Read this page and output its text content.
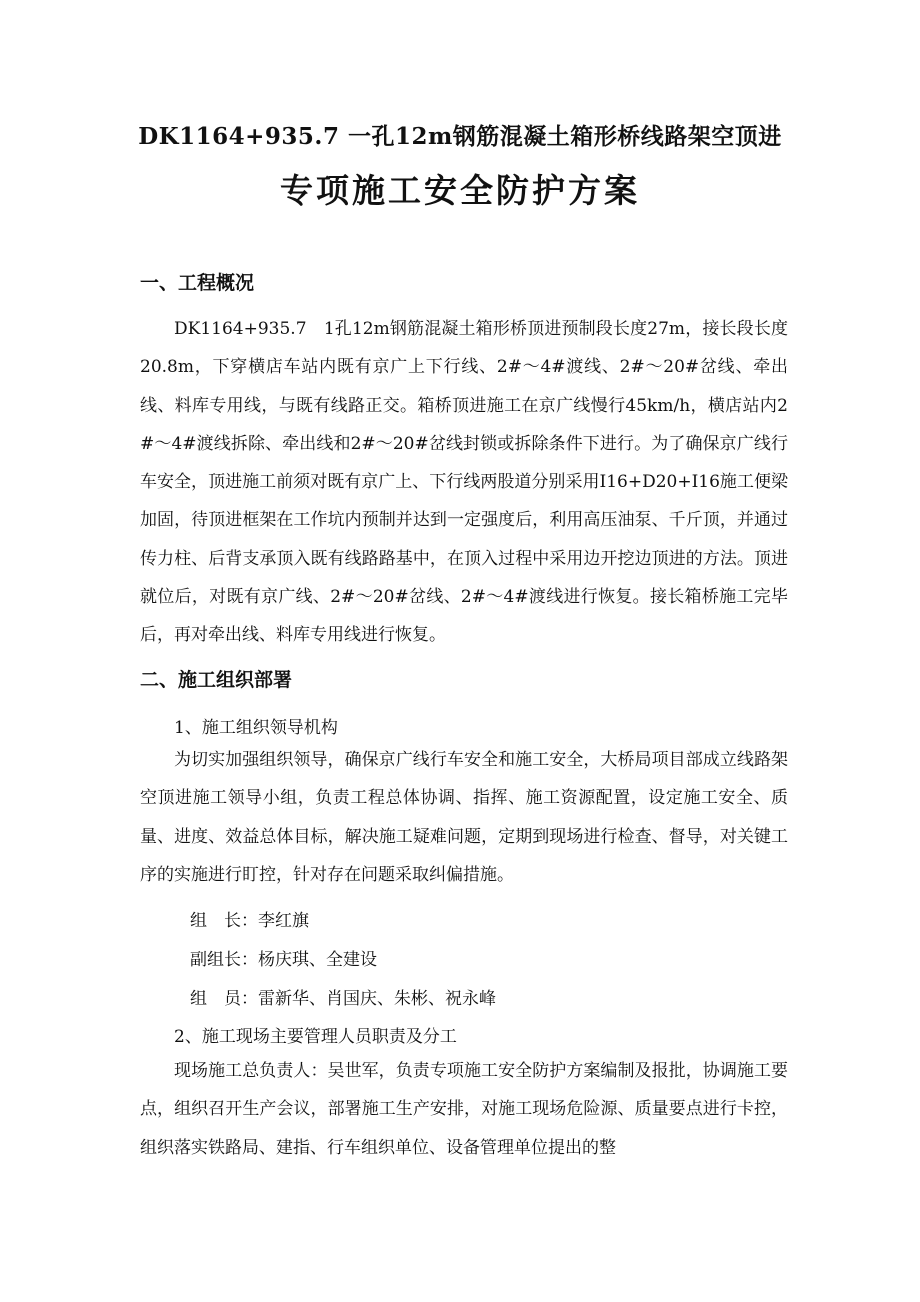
DK1164+935.7 一孔12m钢筋混凝土箱形桥线路架空顶进
专项施工安全防护方案
一、工程概况
DK1164+935.7　1孔12m钢筋混凝土箱形桥顶进预制段长度27m，接长段长度20.8m，下穿横店车站内既有京广上下行线、2#～4#渡线、2#～20#岔线、牵出线、料库专用线，与既有线路正交。箱桥顶进施工在京广线慢行45km/h，横店站内2#～4#渡线拆除、牵出线和2#～20#岔线封锁或拆除条件下进行。为了确保京广线行车安全，顶进施工前须对既有京广上、下行线两股道分别采用I16+D20+I16施工便梁加固，待顶进框架在工作坑内预制并达到一定强度后，利用高压油泵、千斤顶，并通过传力柱、后背支承顶入既有线路路基中，在顶入过程中采用边开挖边顶进的方法。顶进就位后，对既有京广线、2#～20#岔线、2#～4#渡线进行恢复。接长箱桥施工完毕后，再对牵出线、料库专用线进行恢复。
二、施工组织部署
1、施工组织领导机构
为切实加强组织领导，确保京广线行车安全和施工安全，大桥局项目部成立线路架空顶进施工领导小组，负责工程总体协调、指挥、施工资源配置，设定施工安全、质量、进度、效益总体目标，解决施工疑难问题，定期到现场进行检查、督导，对关键工序的实施进行盯控，针对存在问题采取纠偏措施。
组　长：李红旗
副组长：杨庆琪、全建设
组　员：雷新华、肖国庆、朱彬、祝永峰
2、施工现场主要管理人员职责及分工
现场施工总负责人：吴世军，负责专项施工安全防护方案编制及报批，协调施工要点，组织召开生产会议，部署施工生产安排，对施工现场危险源、质量要点进行卡控，组织落实铁路局、建指、行车组织单位、设备管理单位提出的整
